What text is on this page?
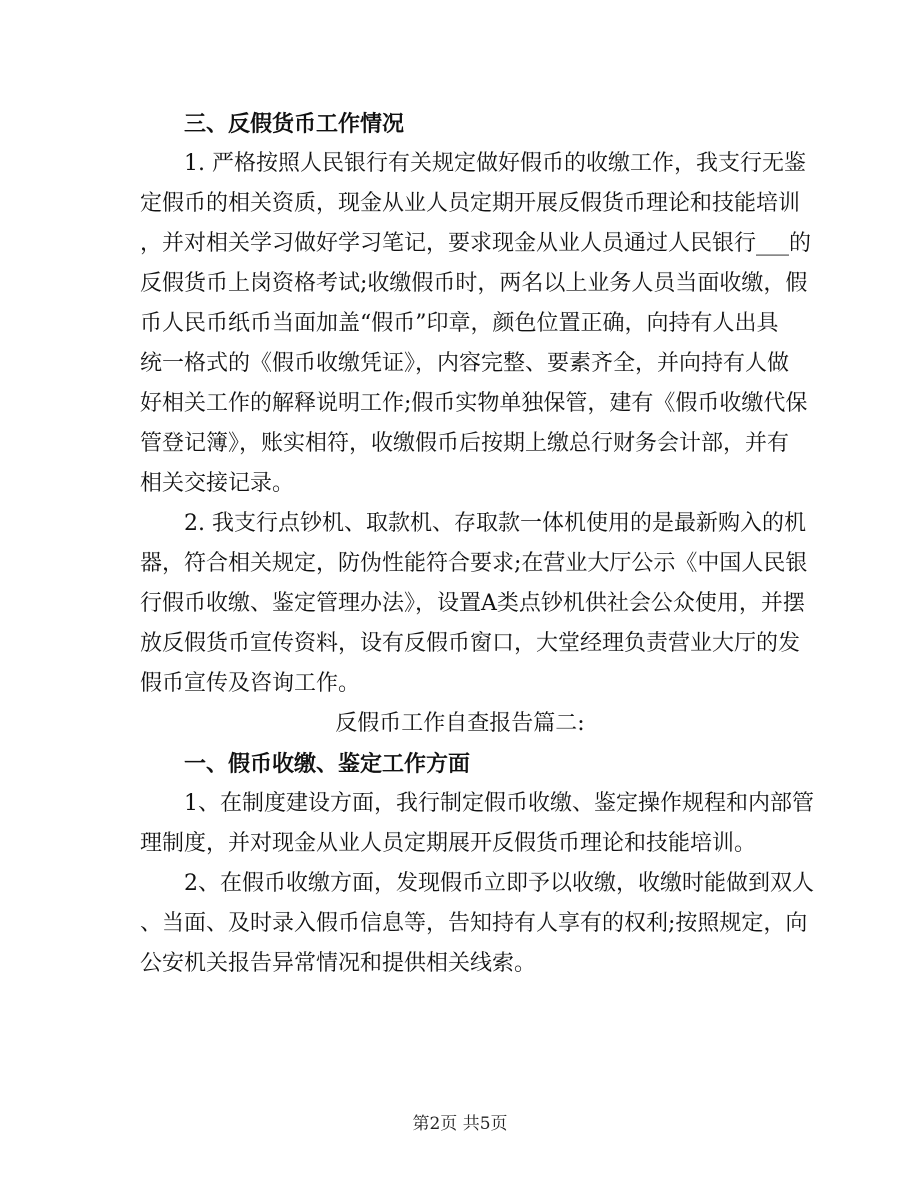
三、反假货币工作情况
1. 严格按照人民银行有关规定做好假币的收缴工作，我支行无鉴
定假币的相关资质，现金从业人员定期开展反假货币理论和技能培训
，并对相关学习做好学习笔记，要求现金从业人员通过人民银行___的
反假货币上岗资格考试;收缴假币时，两名以上业务人员当面收缴，假
币人民币纸币当面加盖“假币”印章，颜色位置正确，向持有人出具
统一格式的《假币收缴凭证》，内容完整、要素齐全，并向持有人做
好相关工作的解释说明工作;假币实物单独保管，建有《假币收缴代保
管登记簿》，账实相符，收缴假币后按期上缴总行财务会计部，并有
相关交接记录。
2. 我支行点钞机、取款机、存取款一体机使用的是最新购入的机
器，符合相关规定，防伪性能符合要求;在营业大厅公示《中国人民银
行假币收缴、鉴定管理办法》，设置A类点钞机供社会公众使用，并摆
放反假货币宣传资料，设有反假币窗口，大堂经理负责营业大厅的发
假币宣传及咨询工作。
反假币工作自查报告篇二:
一、假币收缴、鉴定工作方面
1、在制度建设方面，我行制定假币收缴、鉴定操作规程和内部管
理制度，并对现金从业人员定期展开反假货币理论和技能培训。
2、在假币收缴方面，发现假币立即予以收缴，收缴时能做到双人
、当面、及时录入假币信息等，告知持有人享有的权利;按照规定，向
公安机关报告异常情况和提供相关线索。
第2页 共5页
